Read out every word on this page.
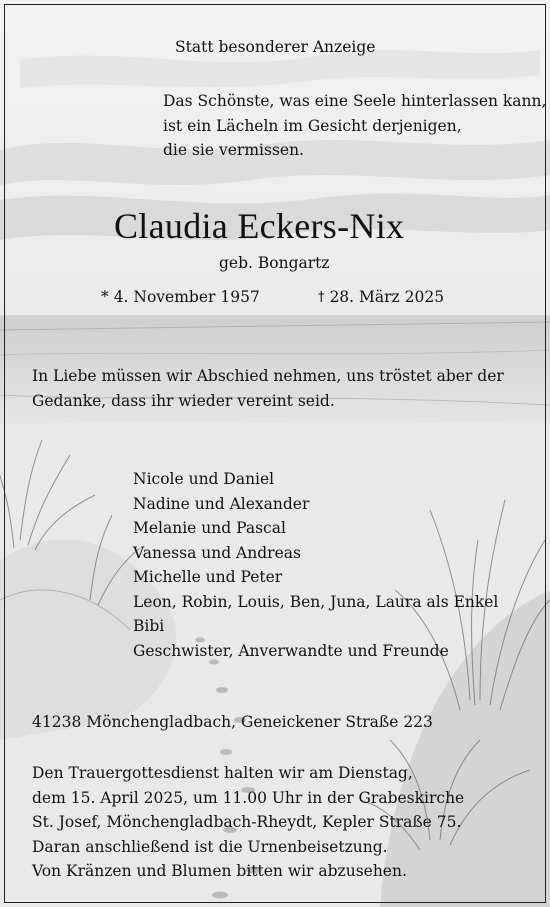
Statt besonderer Anzeige

Das Schönste, was eine Seele hinterlassen kann,
ist ein Lächeln im Gesicht derjenigen,
die sie vermissen.

Claudia Eckers-Nix

geb. Bongartz

* 4. November 1957	† 28. März 2025

In Liebe müssen wir Abschied nehmen, uns tröstet aber der
Gedanke, dass ihr wieder vereint seid.
Nicole und Daniel
Nadine und Alexander
Melanie und Pascal
Vanessa und Andreas
Michelle und Peter
Leon, Robin, Louis, Ben, Juna, Laura als Enkel
Bibi
Geschwister, Anverwandte und Freunde

41238 Mönchengladbach, Geneickener Straße 223

Den Trauergottesdienst halten wir am Dienstag,
dem 15. April 2025, um 11.00 Uhr in der Grabeskirche
St. Josef, Mönchengladbach-Rheydt, Kepler Straße 75.
Daran anschließend ist die Urnenbeisetzung.
Von Kränzen und Blumen bitten wir abzusehen.
